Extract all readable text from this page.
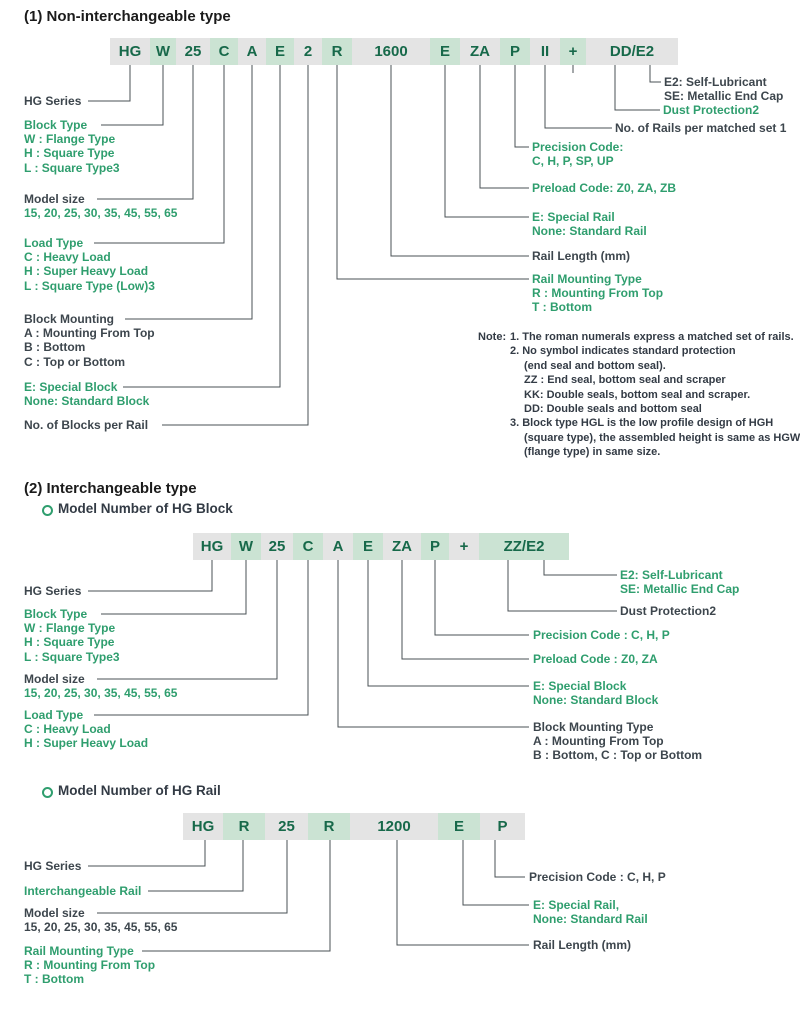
(1) Non-interchangeable type
HG W 25	C	A	E	2	R	1600	E	ZA	P	II	+	DD/E2
HG Series
Block Type
W : Flange Type
H : Square Type
L : Square Type3
Model size
15, 20, 25, 30, 35, 45, 55, 65
Load Type
C : Heavy Load
H : Super Heavy Load
L : Square Type (Low)3
Block Mounting
A : Mounting From Top
B : Bottom
C : Top or Bottom
E: Special Block
None: Standard Block
No. of Blocks per Rail
E2: Self-Lubricant
SE: Metallic End Cap
Dust Protection2
No. of Rails per matched set 1
Precision Code:
C, H, P, SP, UP
Preload Code: Z0, ZA, ZB
E: Special Rail
None: Standard Rail
Rail Length (mm)
Rail Mounting Type
R : Mounting From Top
T : Bottom
Note: 1. The roman numerals express a matched set of rails.
2. No symbol indicates standard protection
(end seal and bottom seal).
ZZ : End seal, bottom seal and scraper
KK: Double seals, bottom seal and scraper.
DD: Double seals and bottom seal
3. Block type HGL is the low profile design of HGH
(square type), the assembled height is same as HGW
(flange type) in same size.
(2) Interchangeable type
Model Number of HG Block
HG	W	25	C	A	E	ZA	P	+	ZZ/E2
HG Series
Block Type
W : Flange Type
H : Square Type
L : Square Type3
Model size
15, 20, 25, 30, 35, 45, 55, 65
Load Type
C : Heavy Load
H : Super Heavy Load
E2: Self-Lubricant
SE: Metallic End Cap
Dust Protection2
Precision Code : C, H, P
Preload Code : Z0, ZA
E: Special Block
None: Standard Block
Block Mounting Type
A : Mounting From Top
B : Bottom, C : Top or Bottom
Model Number of HG Rail
HG	R	25	R	1200	E	P
HG Series
Interchangeable Rail
Model size
15, 20, 25, 30, 35, 45, 55, 65
Rail Mounting Type
R : Mounting From Top
T : Bottom
Precision Code : C, H, P
E: Special Rail,
None: Standard Rail
Rail Length (mm)
